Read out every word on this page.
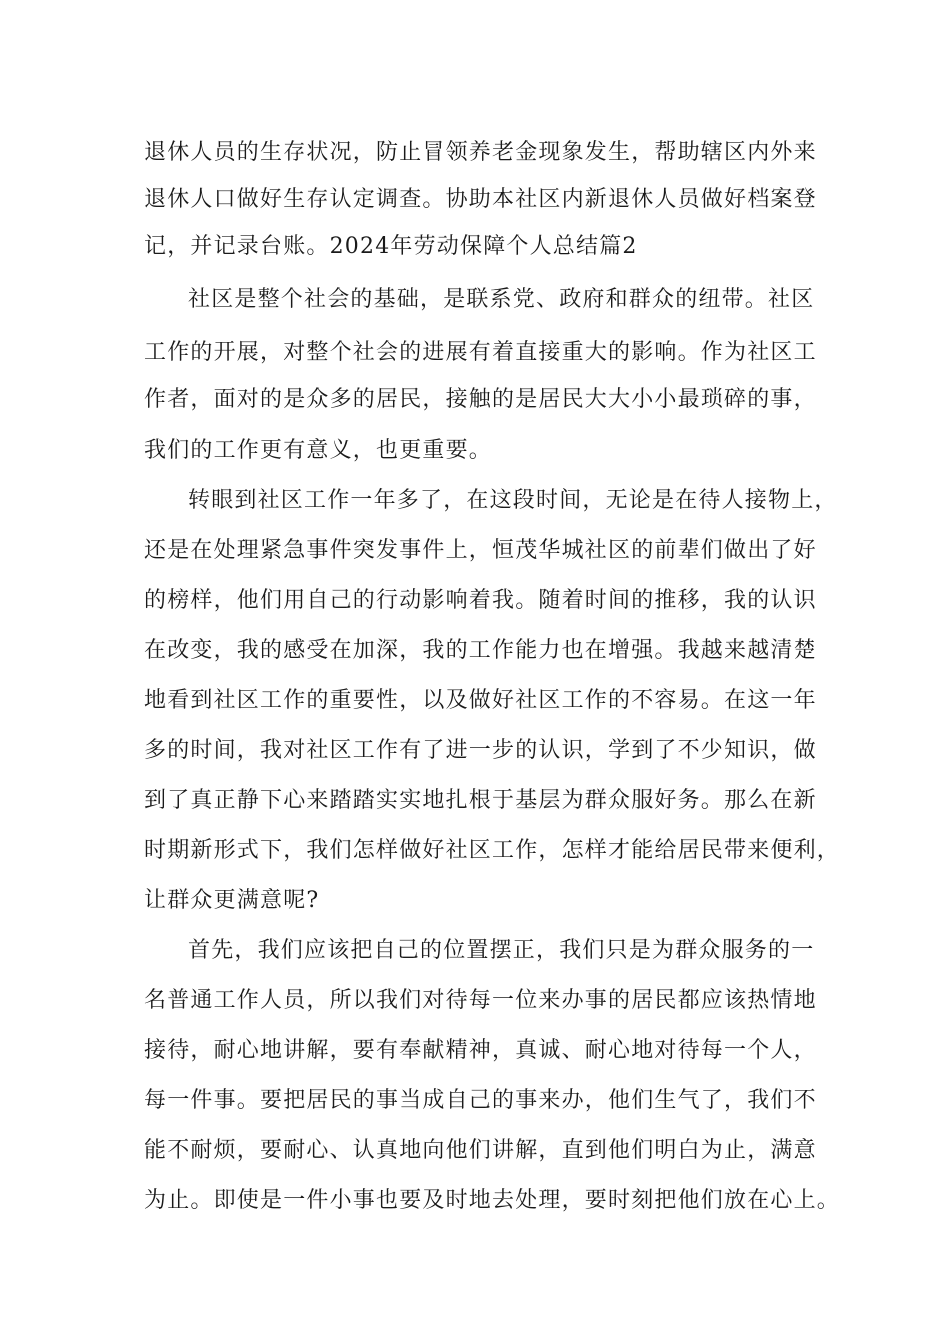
退休人员的生存状况，防止冒领养老金现象发生，帮助辖区内外来
退休人口做好生存认定调查。协助本社区内新退休人员做好档案登
记，并记录台账。2024年劳动保障个人总结篇2
社区是整个社会的基础，是联系党、政府和群众的纽带。社区
工作的开展，对整个社会的进展有着直接重大的影响。作为社区工
作者，面对的是众多的居民，接触的是居民大大小小最琐碎的事，
我们的工作更有意义，也更重要。
转眼到社区工作一年多了，在这段时间，无论是在待人接物上，
还是在处理紧急事件突发事件上，恒茂华城社区的前辈们做出了好
的榜样，他们用自己的行动影响着我。随着时间的推移，我的认识
在改变，我的感受在加深，我的工作能力也在增强。我越来越清楚
地看到社区工作的重要性，以及做好社区工作的不容易。在这一年
多的时间，我对社区工作有了进一步的认识，学到了不少知识，做
到了真正静下心来踏踏实实地扎根于基层为群众服好务。那么在新
时期新形式下，我们怎样做好社区工作，怎样才能给居民带来便利，
让群众更满意呢?
首先，我们应该把自己的位置摆正，我们只是为群众服务的一
名普通工作人员，所以我们对待每一位来办事的居民都应该热情地
接待，耐心地讲解，要有奉献精神，真诚、耐心地对待每一个人，
每一件事。要把居民的事当成自己的事来办，他们生气了，我们不
能不耐烦，要耐心、认真地向他们讲解，直到他们明白为止，满意
为止。即使是一件小事也要及时地去处理，要时刻把他们放在心上。
